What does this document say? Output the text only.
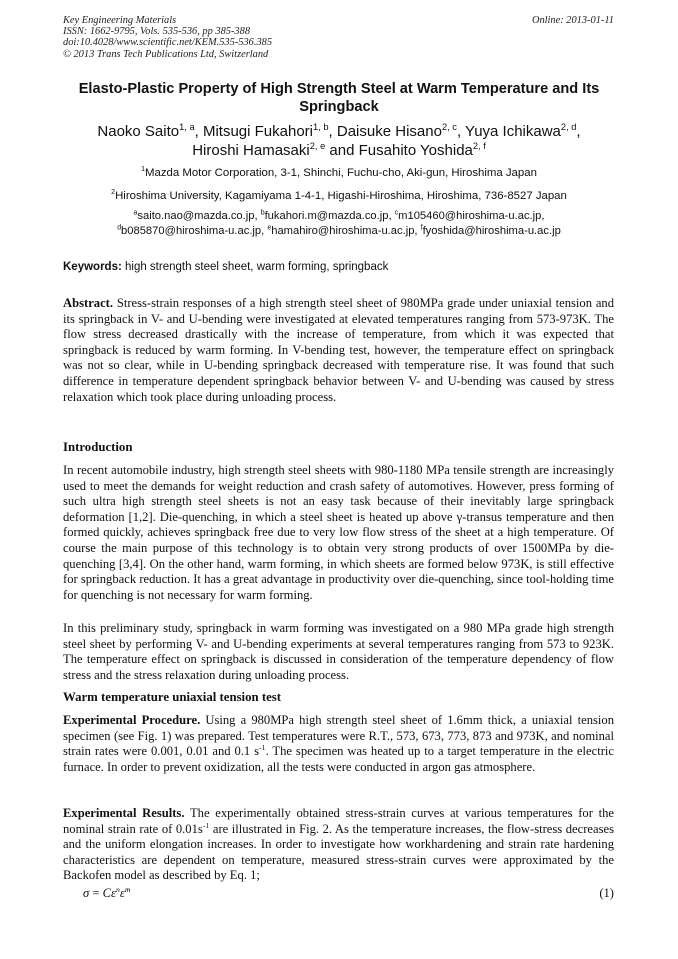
Key Engineering Materials
ISSN: 1662-9795, Vols. 535-536, pp 385-388
doi:10.4028/www.scientific.net/KEM.535-536.385
© 2013 Trans Tech Publications Ltd, Switzerland
Online: 2013-01-11
Elasto-Plastic Property of High Strength Steel at Warm Temperature and Its Springback
Naoko Saito$^{1, a}$, Mitsugi Fukahori$^{1, b}$, Daisuke Hisano$^{2, c}$, Yuya Ichikawa$^{2, d}$,
Hiroshi Hamasaki$^{2, e}$ and Fusahito Yoshida$^{2, f}$
$^1$Mazda Motor Corporation, 3-1, Shinchi, Fuchu-cho, Aki-gun, Hiroshima Japan
$^2$Hiroshima University, Kagamiyama 1-4-1, Higashi-Hiroshima, Hiroshima, 736-8527 Japan
$^a$saito.nao@mazda.co.jp, $^b$fukahori.m@mazda.co.jp, $^c$m105460@hiroshima-u.ac.jp,
$^d$b085870@hiroshima-u.ac.jp, $^e$hamahiro@hiroshima-u.ac.jp, $^f$fyoshida@hiroshima-u.ac.jp
Keywords: high strength steel sheet, warm forming, springback
Abstract. Stress-strain responses of a high strength steel sheet of 980MPa grade under uniaxial tension and its springback in V- and U-bending were investigated at elevated temperatures ranging from 573-973K. The flow stress decreased drastically with the increase of temperature, from which it was expected that springback is reduced by warm forming. In V-bending test, however, the temperature effect on springback was not so clear, while in U-bending springback decreased with temperature rise. It was found that such difference in temperature dependent springback behavior between V- and U-bending was caused by stress relaxation which took place during unloading process.
Introduction
In recent automobile industry, high strength steel sheets with 980-1180 MPa tensile strength are increasingly used to meet the demands for weight reduction and crash safety of automotives. However, press forming of such ultra high strength steel sheets is not an easy task because of their inevitably large springback deformation [1,2]. Die-quenching, in which a steel sheet is heated up above γ-transus temperature and then formed quickly, achieves springback free due to very low flow stress of the sheet at a high temperature. Of course the main purpose of this technology is to obtain very strong products of over 1500MPa by die-quenching [3,4]. On the other hand, warm forming, in which sheets are formed below 973K, is still effective for springback reduction. It has a great advantage in productivity over die-quenching, since tool-holding time for quenching is not necessary for warm forming.
In this preliminary study, springback in warm forming was investigated on a 980 MPa grade high strength steel sheet by performing V- and U-bending experiments at several temperatures ranging from 573 to 923K. The temperature effect on springback is discussed in consideration of the temperature dependency of flow stress and the stress relaxation during unloading process.
Warm temperature uniaxial tension test
Experimental Procedure. Using a 980MPa high strength steel sheet of 1.6mm thick, a uniaxial tension specimen (see Fig. 1) was prepared. Test temperatures were R.T., 573, 673, 773, 873 and 973K, and nominal strain rates were 0.001, 0.01 and 0.1 $s^{-1}$. The specimen was heated up to a target temperature in the electric furnace. In order to prevent oxidization, all the tests were conducted in argon gas atmosphere.
Experimental Results. The experimentally obtained stress-strain curves at various temperatures for the nominal strain rate of $0.01s^{-1}$ are illustrated in Fig. 2. As the temperature increases, the flow-stress decreases and the uniform elongation increases. In order to investigate how workhardening and strain rate hardening characteristics are dependent on temperature, measured stress-strain curves were approximated by the Backofen model as described by Eq. 1;
$\sigma = C\varepsilon^n\varepsiloṅ^m$	(1)
